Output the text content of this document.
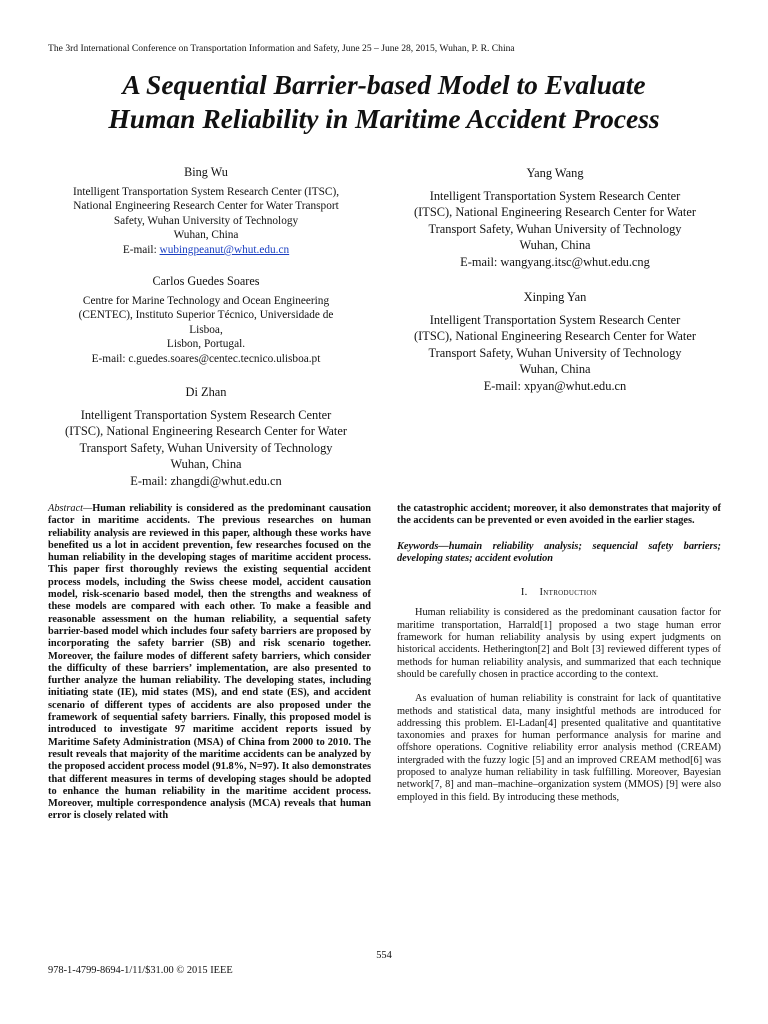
The 3rd International Conference on Transportation Information and Safety, June 25 – June 28, 2015, Wuhan, P. R. China
A Sequential Barrier-based Model to Evaluate
Human Reliability in Maritime Accident Process
Bing Wu
Intelligent Transportation System Research Center (ITSC),
National Engineering Research Center for Water Transport
Safety, Wuhan University of Technology
Wuhan, China
E-mail: wubingpeanut@whut.edu.cn
Yang Wang
Intelligent Transportation System Research Center
(ITSC), National Engineering Research Center for Water
Transport Safety, Wuhan University of Technology
Wuhan, China
E-mail: wangyang.itsc@whut.edu.cng
Carlos Guedes Soares
Centre for Marine Technology and Ocean Engineering
(CENTEC), Instituto Superior Técnico, Universidade de
Lisboa,
Lisbon, Portugal.
E-mail: c.guedes.soares@centec.tecnico.ulisboa.pt
Xinping Yan
Intelligent Transportation System Research Center
(ITSC), National Engineering Research Center for Water
Transport Safety, Wuhan University of Technology
Wuhan, China
E-mail: xpyan@whut.edu.cn
Di Zhan
Intelligent Transportation System Research Center
(ITSC), National Engineering Research Center for Water
Transport Safety, Wuhan University of Technology
Wuhan, China
E-mail: zhangdi@whut.edu.cn

Abstract—Human reliability is considered as the predominant causation factor in maritime accidents. The previous researches on human reliability analysis are reviewed in this paper, although these works have benefited us a lot in accident prevention, few researches focused on the human reliability in the developing stages of maritime accident process. This paper first thoroughly reviews the existing sequential accident process models, including the Swiss cheese model, accident causation model, risk-scenario based model, then the strengths and weakness of these models are compared with each other. To make a feasible and reasonable assessment on the human reliability, a sequential safety barrier-based model which includes four safety barriers are proposed by incorporating the safety barrier (SB) and risk scenario together. Moreover, the failure modes of different safety barriers, which consider the difficulty of these barriers’ implementation, are also presented to further analyze the human reliability. The developing states, including initiating state (IE), mid states (MS), and end state (ES), and accident scenario of different types of accidents are also proposed under the framework of sequential safety barriers. Finally, this proposed model is introduced to investigate 97 maritime accident reports issued by Maritime Safety Administration (MSA) of China from 2000 to 2010. The result reveals that majority of the maritime accidents can be analyzed by the proposed accident process model (91.8%, N=97). It also demonstrates that different measures in terms of developing stages should be adopted to enhance the human reliability in the maritime accident process. Moreover, multiple correspondence analysis (MCA) reveals that human error is closely related with

the catastrophic accident; moreover, it also demonstrates that majority of the accidents can be prevented or even avoided in the earlier stages.

Keywords—humain reliability analysis; sequencial safety barriers; developing states; accident evolution

I. Introduction

Human reliability is considered as the predominant causation factor for maritime transportation, Harrald[1] proposed a two stage human error framework for human reliability analysis by using expert judgments on historical accidents. Hetherington[2] and Bolt [3] reviewed different types of methods for human reliability analysis, and summarized that each technique should be carefully chosen in practice according to the context.

As evaluation of human reliability is constraint for lack of quantitative methods and statistical data, many insightful methods are introduced for addressing this problem. El-Ladan[4] presented qualitative and quantitative taxonomies and praxes for human performance analysis for marine and offshore operations. Cognitive reliability error analysis method (CREAM) intergraded with the fuzzy logic [5] and an improved CREAM method[6] was proposed to analyze human reliability in task fulfilling. Moreover, Bayesian network[7, 8] and man–machine–organization system (MMOS) [9] were also employed in this field. By introducing these methods,

554
978-1-4799-8694-1/11/$31.00 © 2015 IEEE
